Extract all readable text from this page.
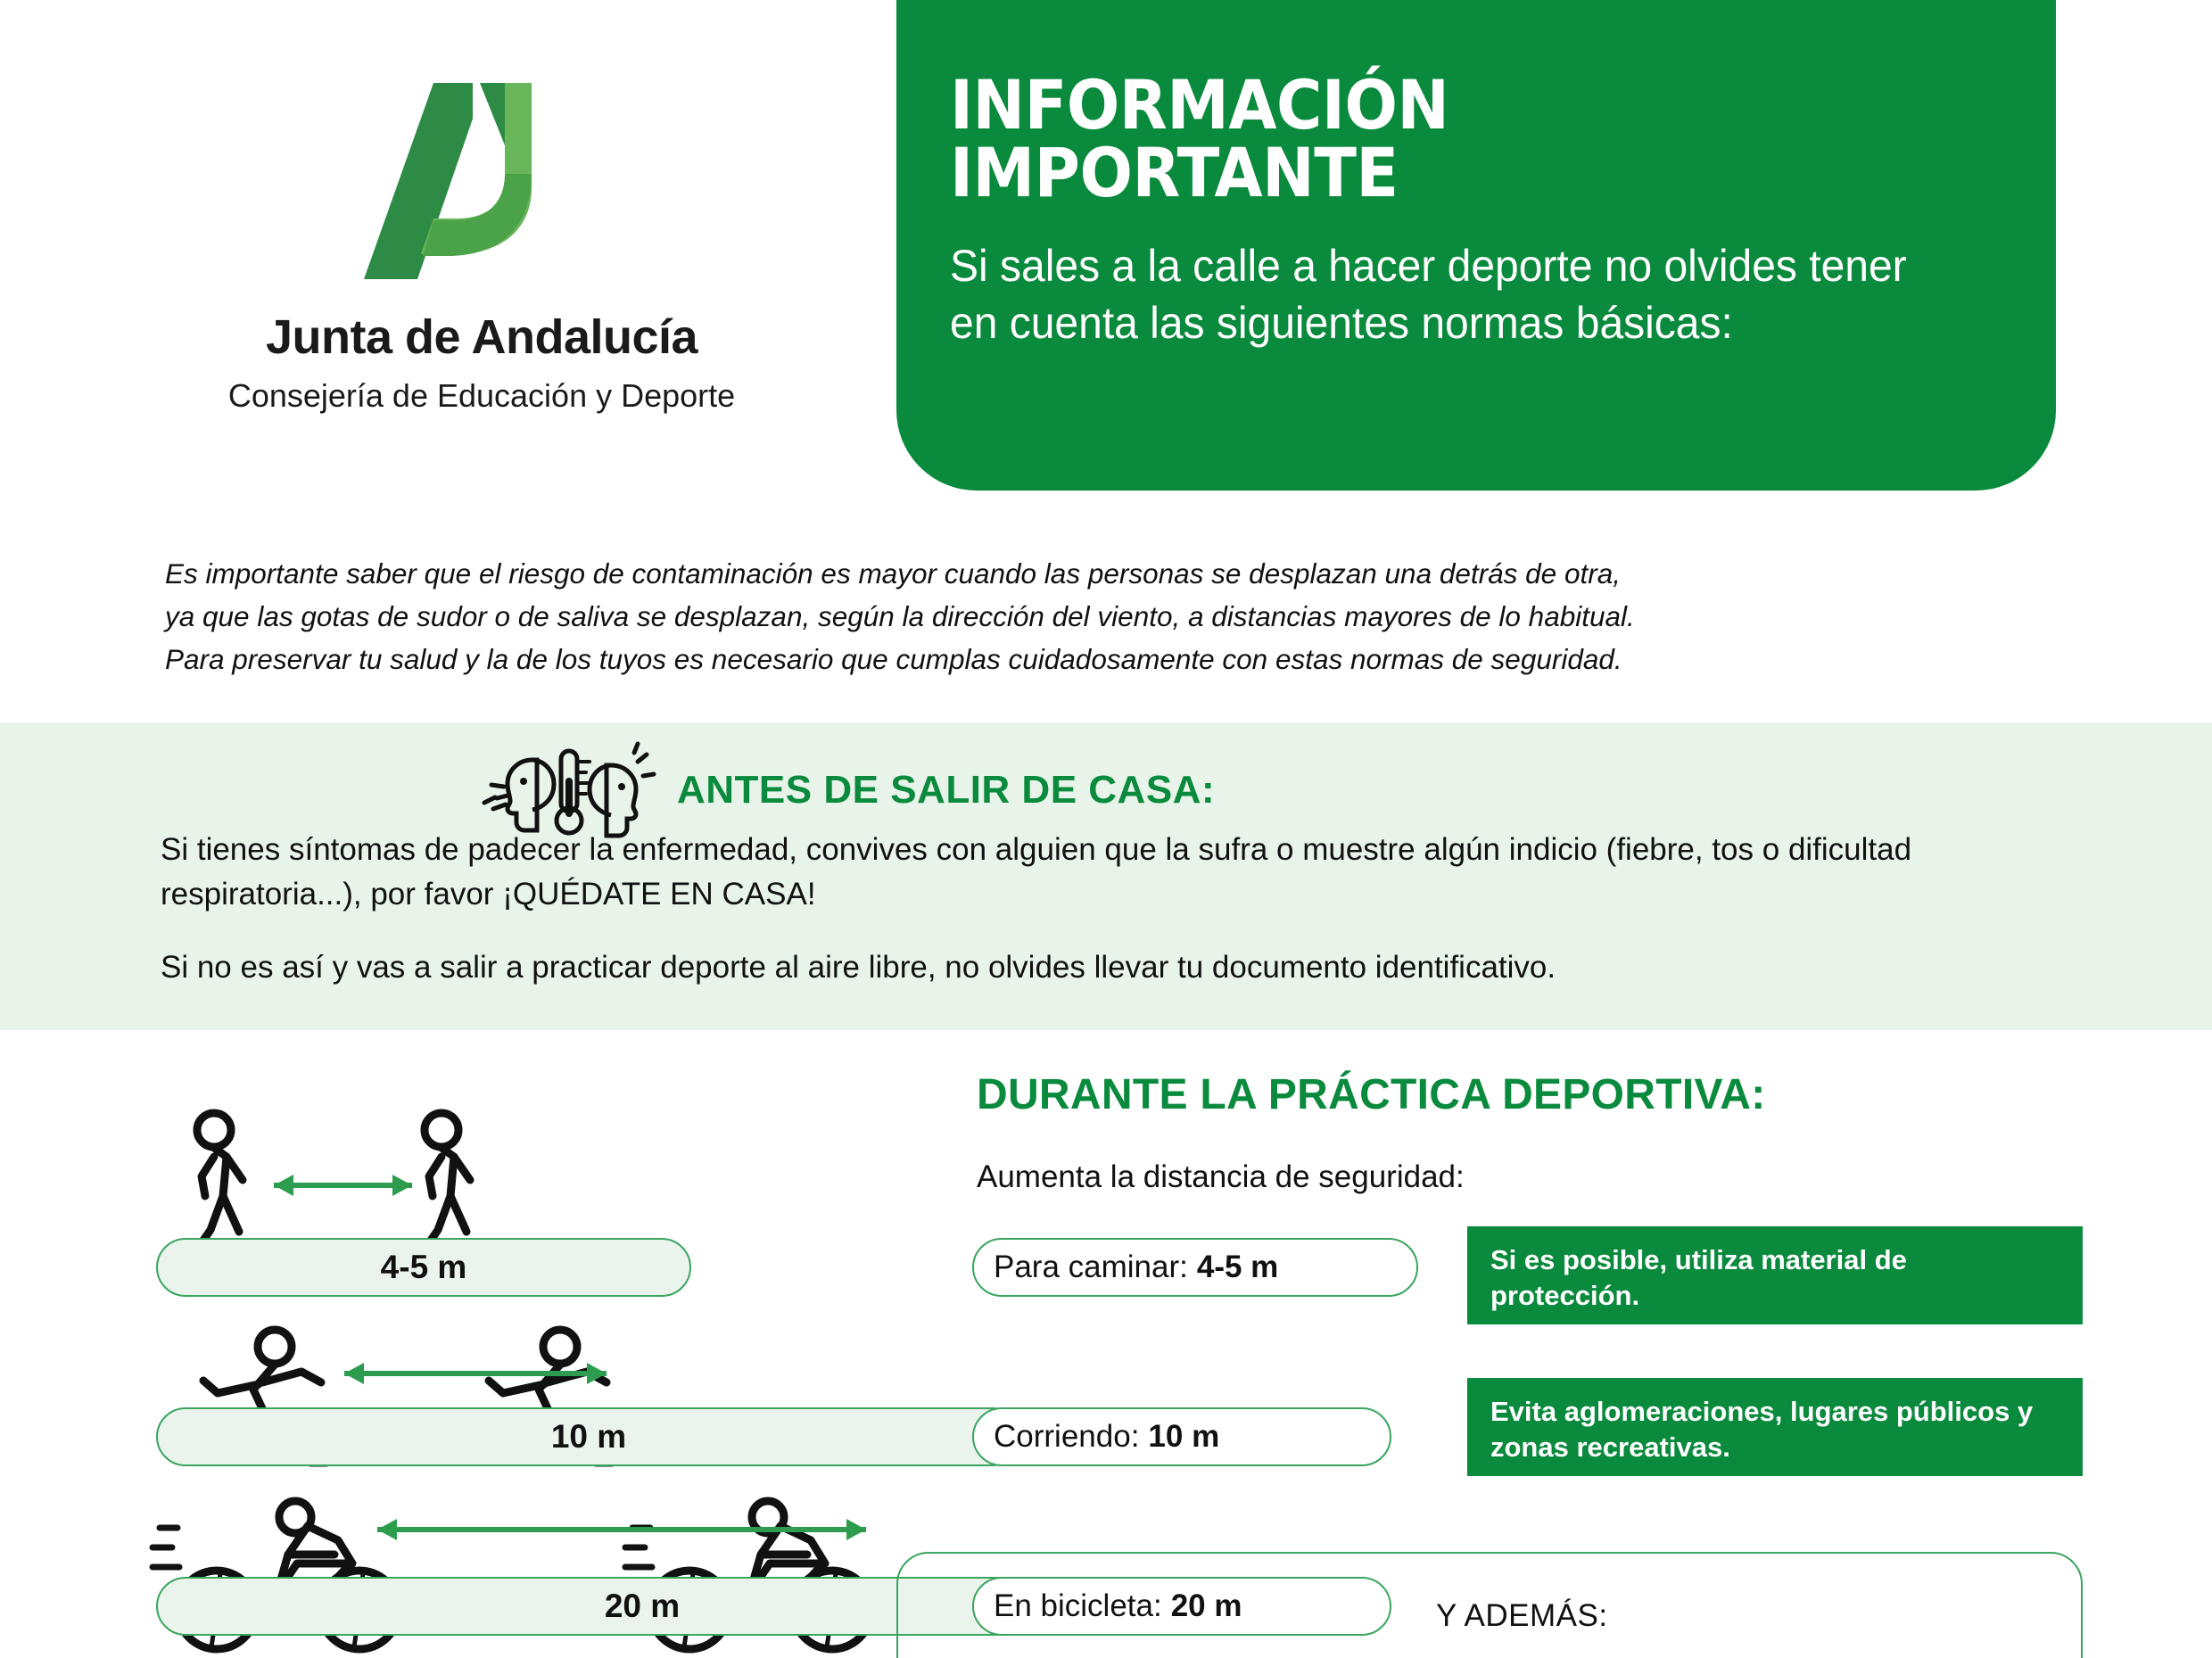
Junta de Andalucía
Consejería de Educación y Deporte
INFORMACIÓN IMPORTANTE

Si sales a la calle a hacer deporte no olvides tener en cuenta las siguientes normas básicas:

Es importante saber que el riesgo de contaminación es mayor cuando las personas se desplazan una detrás de otra,
ya que las gotas de sudor o de saliva se desplazan, según la dirección del viento, a distancias mayores de lo habitual.
Para preservar tu salud y la de los tuyos es necesario que cumplas cuidadosamente con estas normas de seguridad.
ANTES DE SALIR DE CASA:
Si tienes síntomas de padecer la enfermedad, convives con alguien que la sufra o muestre algún indicio (fiebre, tos o dificultad respiratoria...), por favor ¡QUÉDATE EN CASA!
Si no es así y vas a salir a practicar deporte al aire libre, no olvides llevar tu documento identificativo.
DURANTE LA PRÁCTICA DEPORTIVA:
Aumenta la distancia de seguridad:
4-5 m	Para caminar: 4-5 m
10 m	Corriendo: 10 m
20 m	En bicicleta: 20 m
Si es posible, utiliza material de protección.
Evita aglomeraciones, lugares públicos y zonas recreativas.
Y ADEMÁS:
